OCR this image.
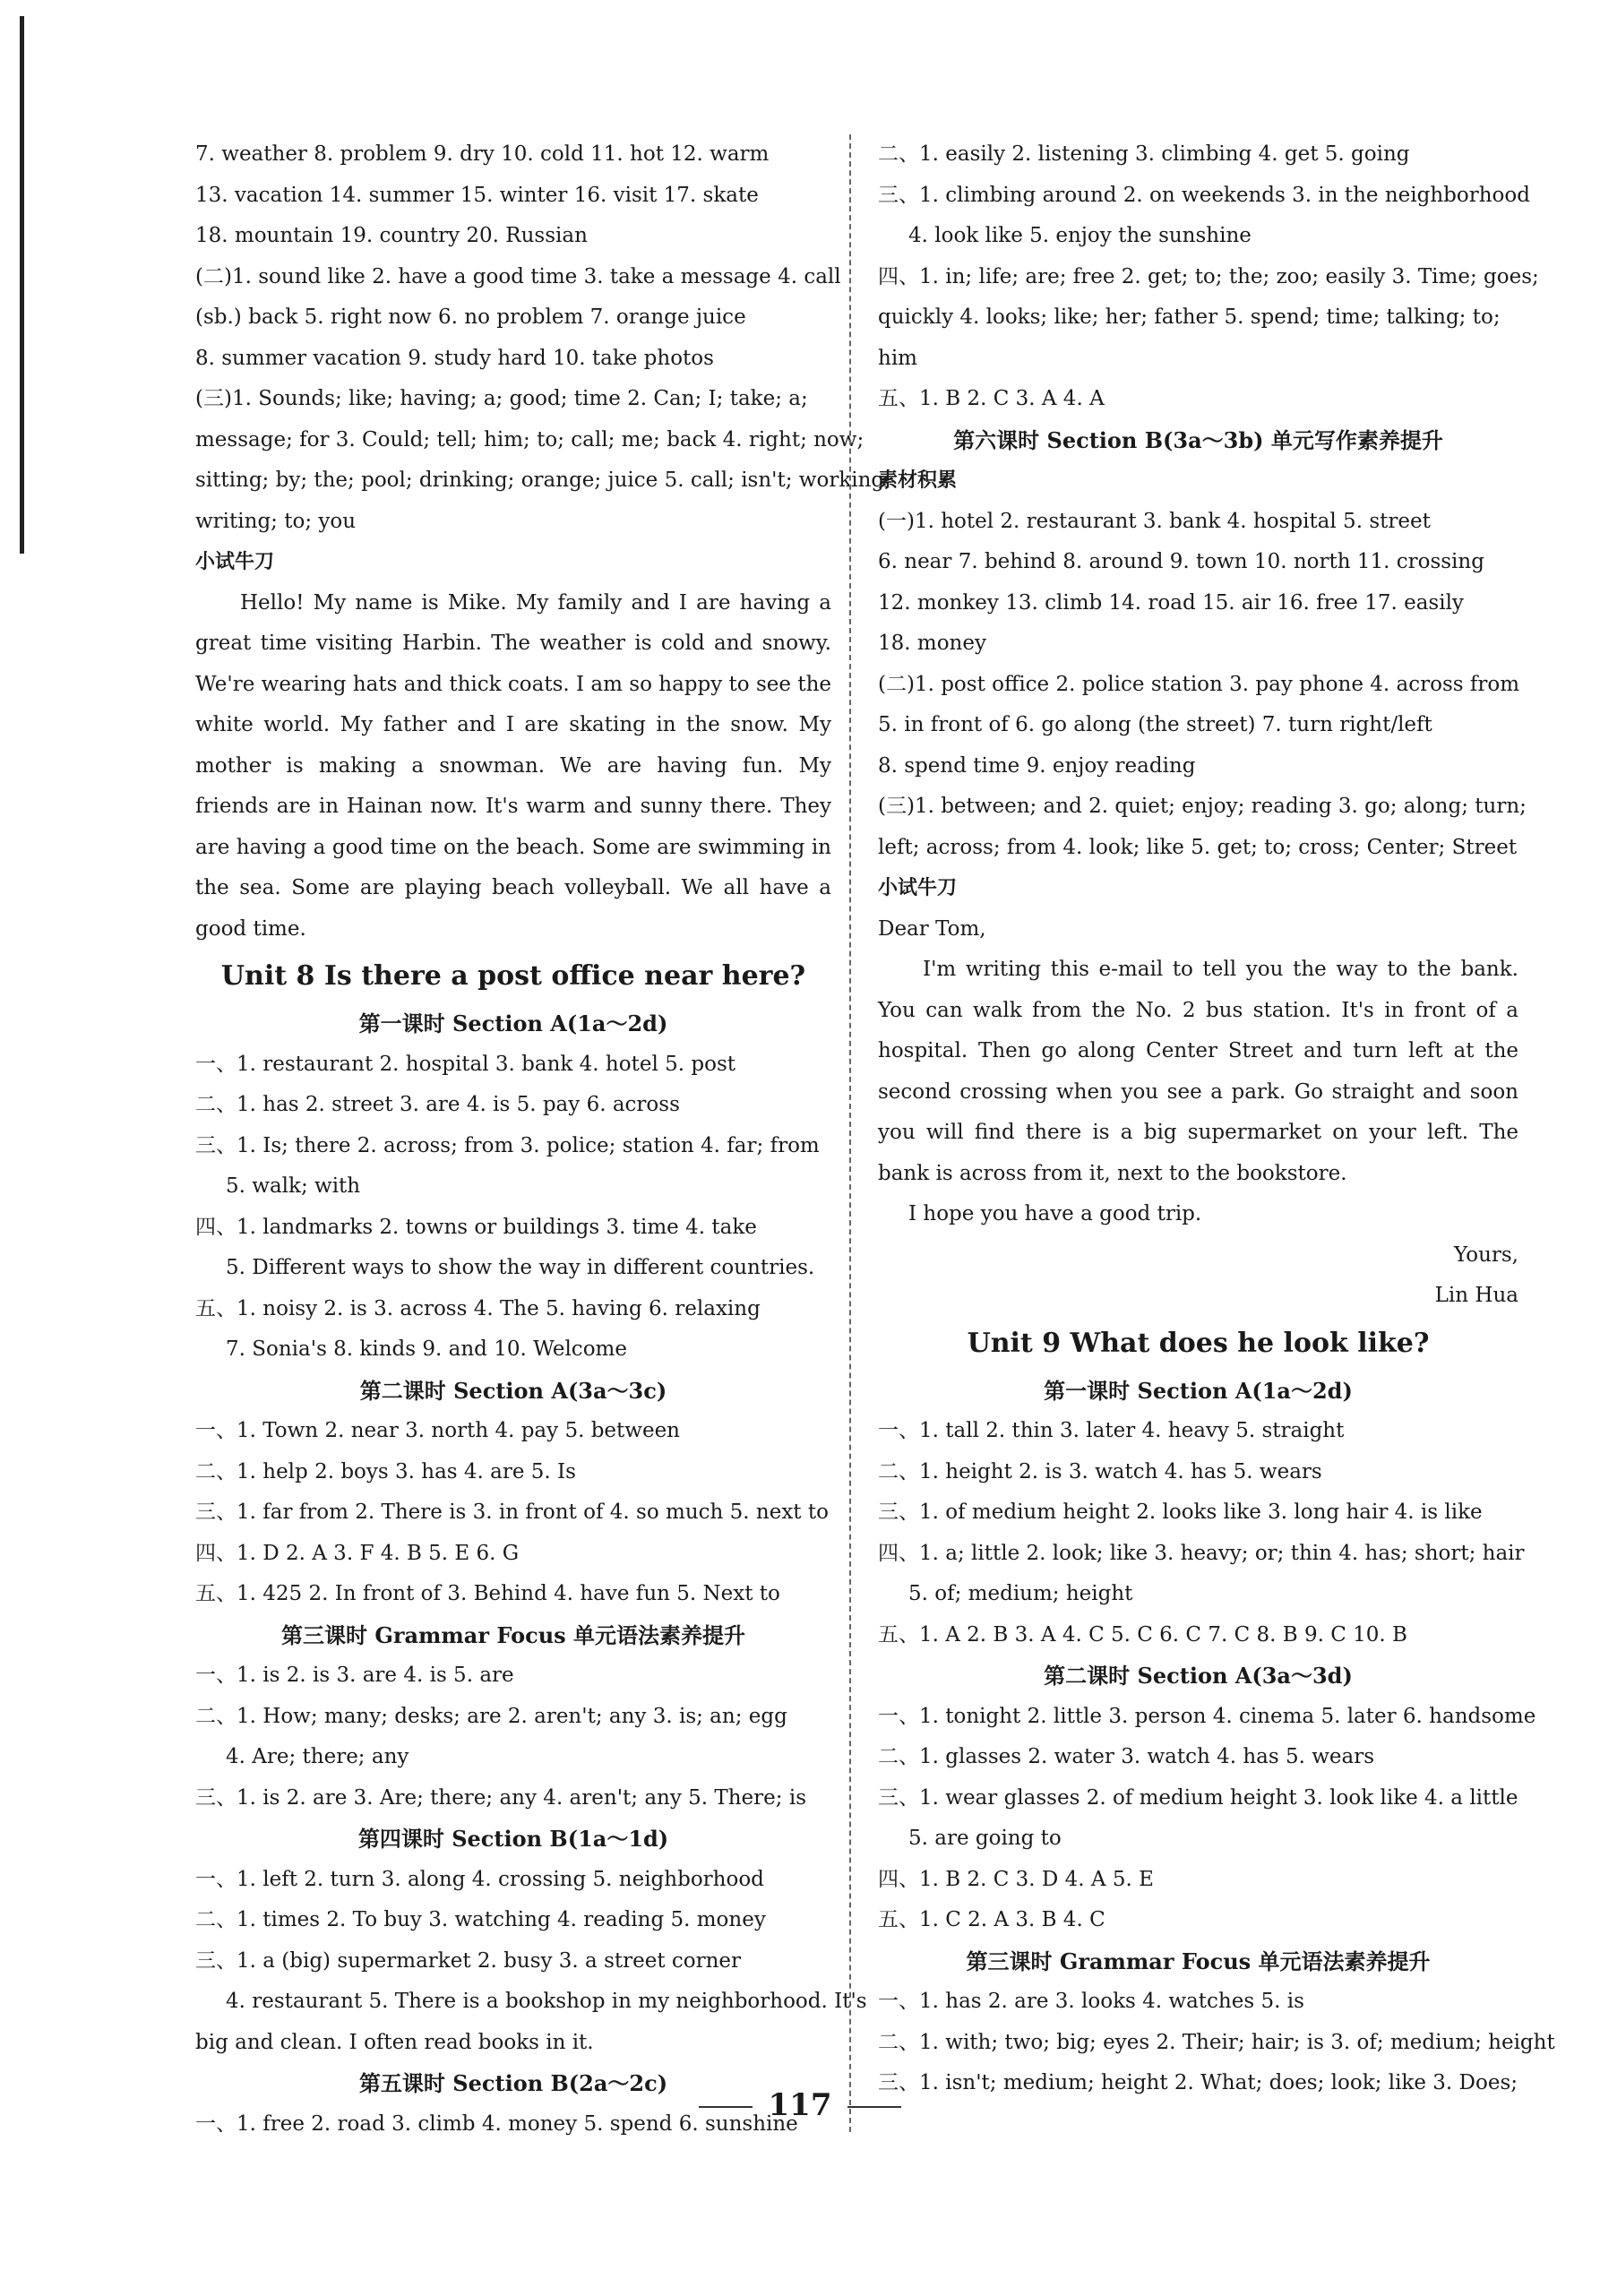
7. weather 8. problem 9. dry 10. cold 11. hot 12. warm
13. vacation 14. summer 15. winter 16. visit 17. skate
18. mountain 19. country 20. Russian
(二)1. sound like 2. have a good time 3. take a message 4. call
(sb.) back 5. right now 6. no problem 7. orange juice
8. summer vacation 9. study hard 10. take photos
(三)1. Sounds; like; having; a; good; time 2. Can; I; take; a;
message; for 3. Could; tell; him; to; call; me; back 4. right; now;
sitting; by; the; pool; drinking; orange; juice 5. call; isn't; working;
writing; to; you
小试牛刀
Hello! My name is Mike. My family and I are having a great time visiting Harbin. The weather is cold and snowy. We're wearing hats and thick coats. I am so happy to see the white world. My father and I are skating in the snow. My mother is making a snowman. We are having fun. My friends are in Hainan now. It's warm and sunny there. They are having a good time on the beach. Some are swimming in the sea. Some are playing beach volleyball. We all have a good time.
Unit 8 Is there a post office near here?
第一课时 Section A(1a～2d)
一、1. restaurant 2. hospital 3. bank 4. hotel 5. post
二、1. has 2. street 3. are 4. is 5. pay 6. across
三、1. Is; there 2. across; from 3. police; station 4. far; from
5. walk; with
四、1. landmarks 2. towns or buildings 3. time 4. take
5. Different ways to show the way in different countries.
五、1. noisy 2. is 3. across 4. The 5. having 6. relaxing
7. Sonia's 8. kinds 9. and 10. Welcome
第二课时 Section A(3a～3c)
一、1. Town 2. near 3. north 4. pay 5. between
二、1. help 2. boys 3. has 4. are 5. Is
三、1. far from 2. There is 3. in front of 4. so much 5. next to
四、1. D 2. A 3. F 4. B 5. E 6. G
五、1. 425 2. In front of 3. Behind 4. have fun 5. Next to
第三课时 Grammar Focus 单元语法素养提升
一、1. is 2. is 3. are 4. is 5. are
二、1. How; many; desks; are 2. aren't; any 3. is; an; egg
4. Are; there; any
三、1. is 2. are 3. Are; there; any 4. aren't; any 5. There; is
第四课时 Section B(1a～1d)
一、1. left 2. turn 3. along 4. crossing 5. neighborhood
二、1. times 2. To buy 3. watching 4. reading 5. money
三、1. a (big) supermarket 2. busy 3. a street corner
4. restaurant 5. There is a bookshop in my neighborhood. It's
big and clean. I often read books in it.
第五课时 Section B(2a～2c)
一、1. free 2. road 3. climb 4. money 5. spend 6. sunshine
二、1. easily 2. listening 3. climbing 4. get 5. going
三、1. climbing around 2. on weekends 3. in the neighborhood
4. look like 5. enjoy the sunshine
四、1. in; life; are; free 2. get; to; the; zoo; easily 3. Time; goes;
quickly 4. looks; like; her; father 5. spend; time; talking; to;
him
五、1. B 2. C 3. A 4. A
第六课时 Section B(3a～3b) 单元写作素养提升
素材积累
(一)1. hotel 2. restaurant 3. bank 4. hospital 5. street
6. near 7. behind 8. around 9. town 10. north 11. crossing
12. monkey 13. climb 14. road 15. air 16. free 17. easily
18. money
(二)1. post office 2. police station 3. pay phone 4. across from
5. in front of 6. go along (the street) 7. turn right/left
8. spend time 9. enjoy reading
(三)1. between; and 2. quiet; enjoy; reading 3. go; along; turn;
left; across; from 4. look; like 5. get; to; cross; Center; Street
小试牛刀
Dear Tom,
I'm writing this e-mail to tell you the way to the bank. You can walk from the No. 2 bus station. It's in front of a hospital. Then go along Center Street and turn left at the second crossing when you see a park. Go straight and soon you will find there is a big supermarket on your left. The bank is across from it, next to the bookstore.
I hope you have a good trip.
Yours,
Lin Hua
Unit 9 What does he look like?
第一课时 Section A(1a～2d)
一、1. tall 2. thin 3. later 4. heavy 5. straight
二、1. height 2. is 3. watch 4. has 5. wears
三、1. of medium height 2. looks like 3. long hair 4. is like
四、1. a; little 2. look; like 3. heavy; or; thin 4. has; short; hair
5. of; medium; height
五、1. A 2. B 3. A 4. C 5. C 6. C 7. C 8. B 9. C 10. B
第二课时 Section A(3a～3d)
一、1. tonight 2. little 3. person 4. cinema 5. later 6. handsome
二、1. glasses 2. water 3. watch 4. has 5. wears
三、1. wear glasses 2. of medium height 3. look like 4. a little
5. are going to
四、1. B 2. C 3. D 4. A 5. E
五、1. C 2. A 3. B 4. C
第三课时 Grammar Focus 单元语法素养提升
一、1. has 2. are 3. looks 4. watches 5. is
二、1. with; two; big; eyes 2. Their; hair; is 3. of; medium; height
三、1. isn't; medium; height 2. What; does; look; like 3. Does;
117
